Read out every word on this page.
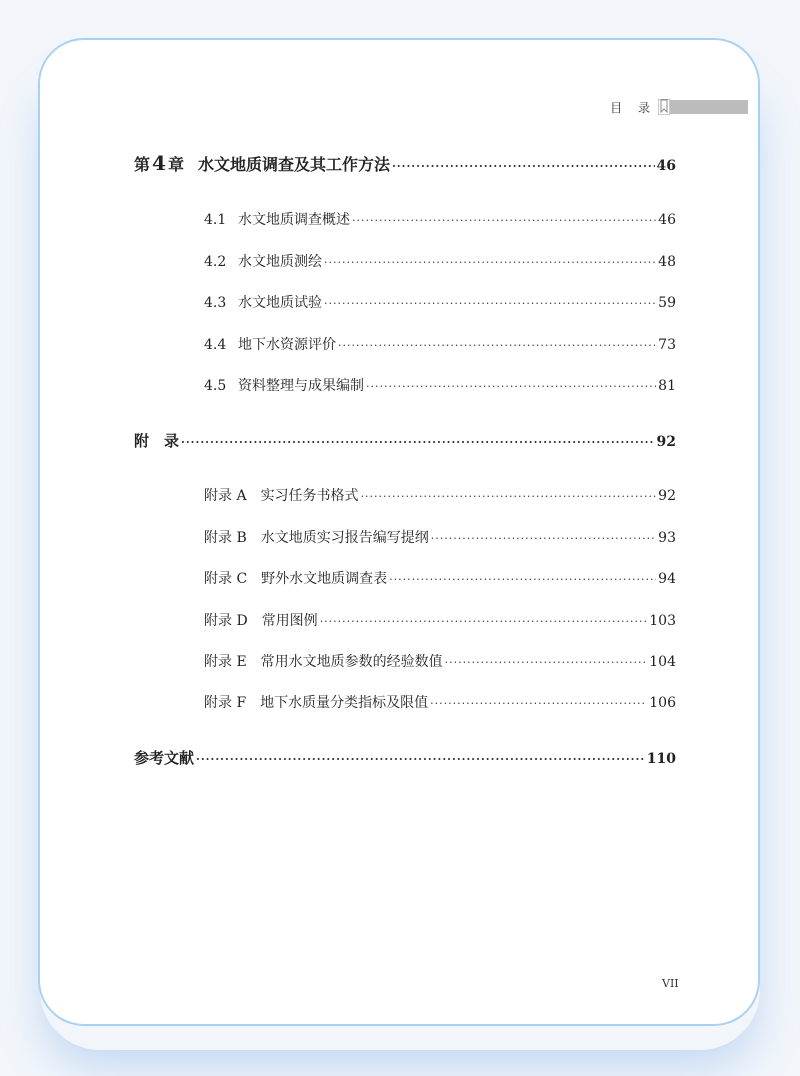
目 录
第 4 章 水文地质调查及其工作方法 ·····	46
4.1 水文地质调查概述 ·····	46
4.2 水文地质测绘 ·····	48
4.3 水文地质试验 ·····	59
4.4 地下水资源评价 ·····	73
4.5 资料整理与成果编制 ·····	81
附　录 ·····	92
附录 A 实习任务书格式 ·····	92
附录 B 水文地质实习报告编写提纲 ·····	93
附录 C 野外水文地质调查表 ·····	94
附录 D 常用图例 ·····	103
附录 E 常用水文地质参数的经验数值 ·····	104
附录 F 地下水质量分类指标及限值 ·····	106
参考文献 ·····	110
VII
